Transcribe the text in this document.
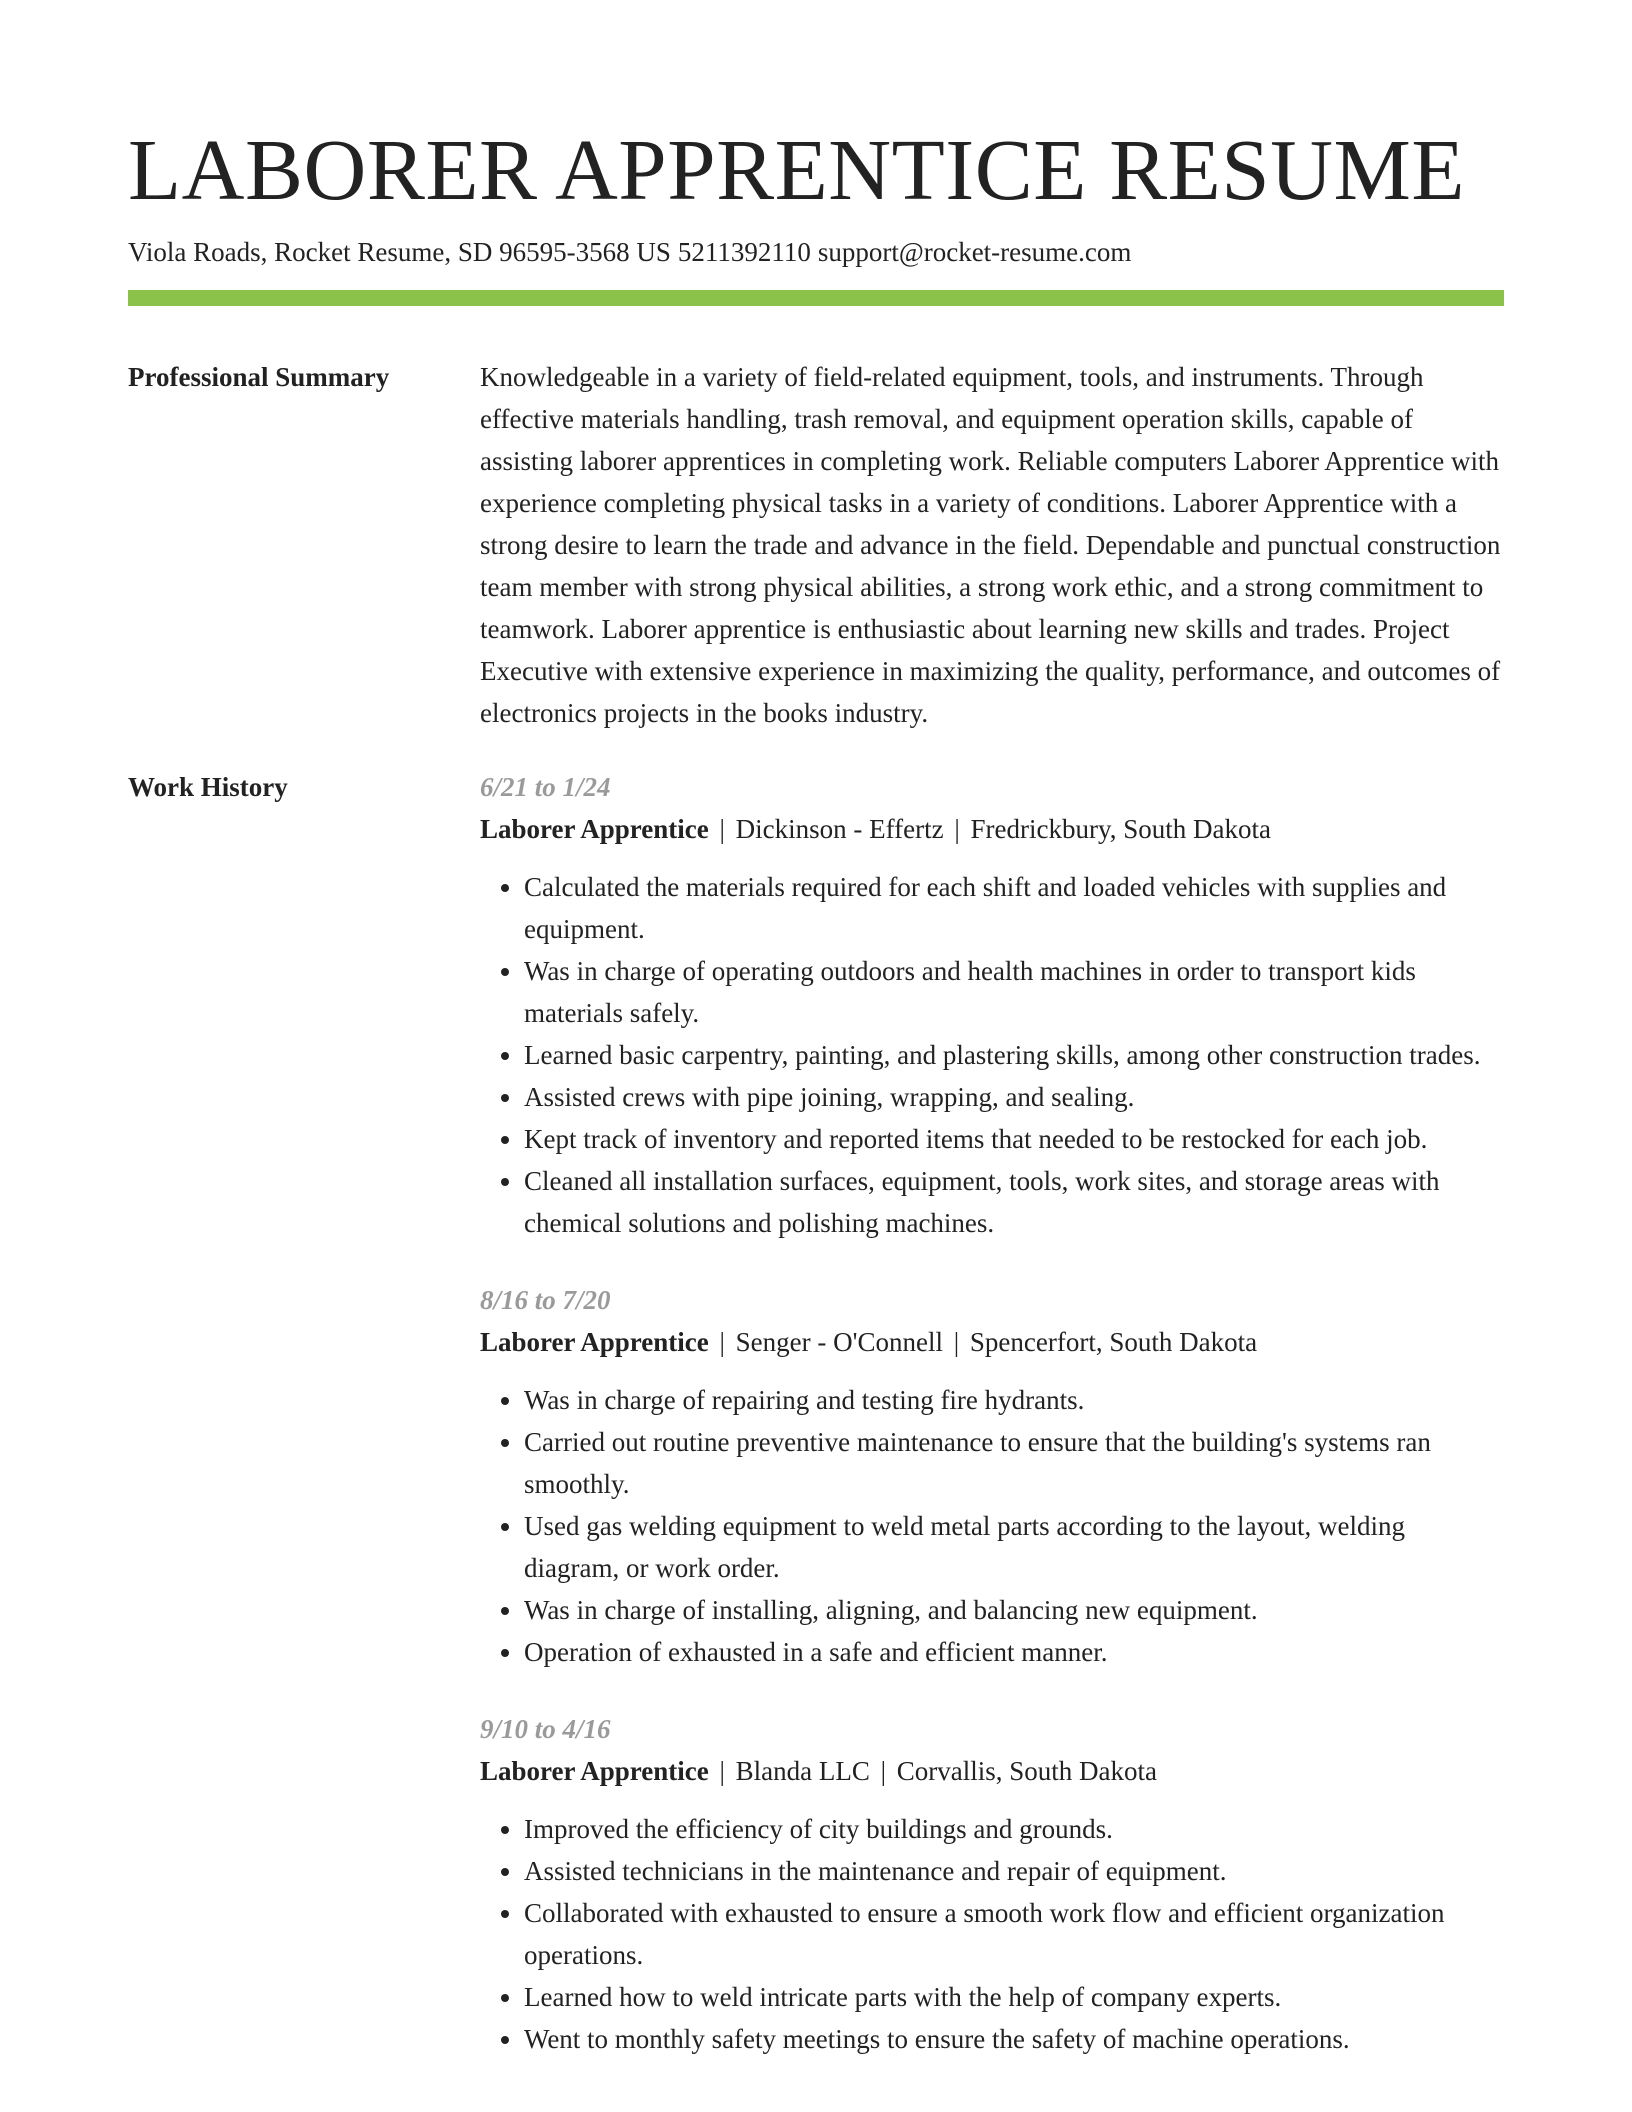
LABORER APPRENTICE RESUME
Viola Roads, Rocket Resume, SD 96595-3568 US 5211392110 support@rocket-resume.com
Professional Summary	Knowledgeable in a variety of field-related equipment, tools, and instruments. Through effective materials handling, trash removal, and equipment operation skills, capable of assisting laborer apprentices in completing work. Reliable computers Laborer Apprentice with experience completing physical tasks in a variety of conditions. Laborer Apprentice with a strong desire to learn the trade and advance in the field. Dependable and punctual construction team member with strong physical abilities, a strong work ethic, and a strong commitment to teamwork. Laborer apprentice is enthusiastic about learning new skills and trades. Project Executive with extensive experience in maximizing the quality, performance, and outcomes of electronics projects in the books industry.

Work History	6/21 to 1/24
Laborer Apprentice | Dickinson - Effertz | Fredrickbury, South Dakota
• Calculated the materials required for each shift and loaded vehicles with supplies and equipment.
• Was in charge of operating outdoors and health machines in order to transport kids materials safely.
• Learned basic carpentry, painting, and plastering skills, among other construction trades.
• Assisted crews with pipe joining, wrapping, and sealing.
• Kept track of inventory and reported items that needed to be restocked for each job.
• Cleaned all installation surfaces, equipment, tools, work sites, and storage areas with chemical solutions and polishing machines.
8/16 to 7/20
Laborer Apprentice | Senger - O'Connell | Spencerfort, South Dakota
• Was in charge of repairing and testing fire hydrants.
• Carried out routine preventive maintenance to ensure that the building's systems ran smoothly.
• Used gas welding equipment to weld metal parts according to the layout, welding diagram, or work order.
• Was in charge of installing, aligning, and balancing new equipment.
• Operation of exhausted in a safe and efficient manner.
9/10 to 4/16
Laborer Apprentice | Blanda LLC | Corvallis, South Dakota
• Improved the efficiency of city buildings and grounds.
• Assisted technicians in the maintenance and repair of equipment.
• Collaborated with exhausted to ensure a smooth work flow and efficient organization operations.
• Learned how to weld intricate parts with the help of company experts.
• Went to monthly safety meetings to ensure the safety of machine operations.
